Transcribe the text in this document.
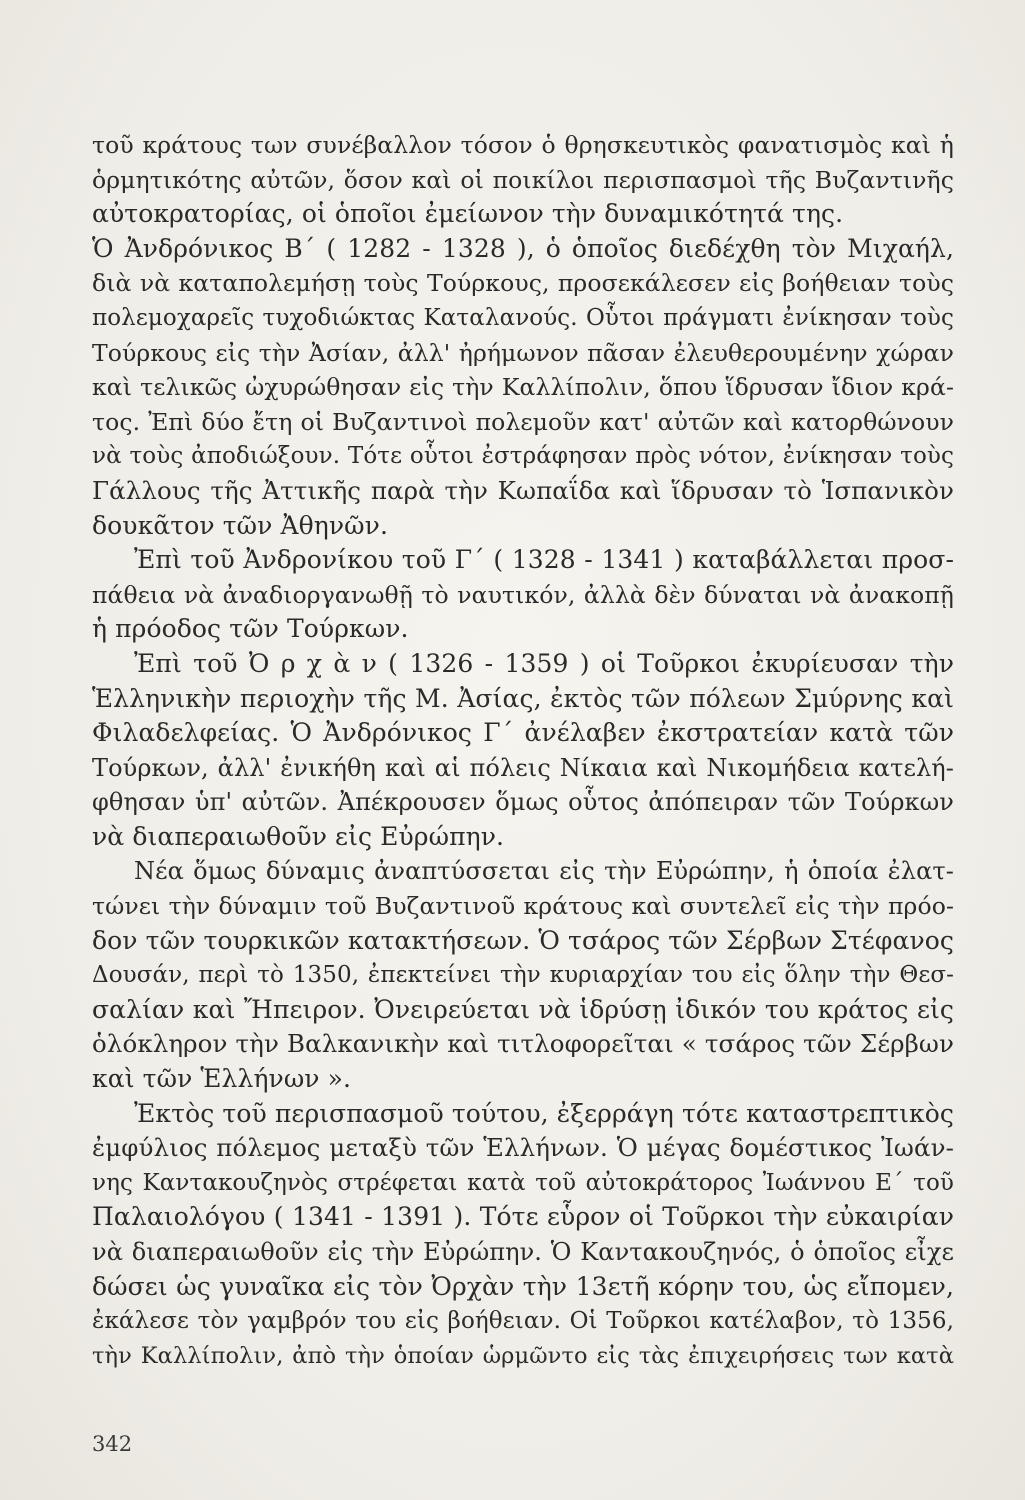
τοῦ κράτους των συνέβαλλον τόσον ὁ θρησκευτικὸς φανατισμὸς καὶ ἡ
ὁρμητικότης αὐτῶν, ὅσον καὶ οἱ ποικίλοι περισπασμοὶ τῆς Βυζαντινῆς
αὐτοκρατορίας, οἱ ὁποῖοι ἐμείωνον τὴν δυναμικότητά της.
Ὁ Ἀνδρόνικος Β΄ ( 1282 - 1328 ), ὁ ὁποῖος διεδέχθη τὸν Μιχαήλ,
διὰ νὰ καταπολεμήσῃ τοὺς Τούρκους, προσεκάλεσεν εἰς βοήθειαν τοὺς
πολεμοχαρεῖς τυχοδιώκτας Καταλανούς. Οὗτοι πράγματι ἐνίκησαν τοὺς
Τούρκους εἰς τὴν Ἀσίαν, ἀλλ' ἠρήμωνον πᾶσαν ἐλευθερουμένην χώραν
καὶ τελικῶς ὠχυρώθησαν εἰς τὴν Καλλίπολιν, ὅπου ἵδρυσαν ἴδιον κρά-
τος. Ἐπὶ δύο ἔτη οἱ Βυζαντινοὶ πολεμοῦν κατ' αὐτῶν καὶ κατορθώνουν
νὰ τοὺς ἀποδιώξουν. Τότε οὗτοι ἐστράφησαν πρὸς νότον, ἐνίκησαν τοὺς
Γάλλους τῆς Ἀττικῆς παρὰ τὴν Κωπαΐδα καὶ ἵδρυσαν τὸ Ἱσπανικὸν
δουκᾶτον τῶν Ἀθηνῶν.
Ἐπὶ τοῦ Ἀνδρονίκου τοῦ Γ΄ ( 1328 - 1341 ) καταβάλλεται προσ-
πάθεια νὰ ἀναδιοργανωθῇ τὸ ναυτικόν, ἀλλὰ δὲν δύναται νὰ ἀνακοπῇ
ἡ πρόοδος τῶν Τούρκων.
Ἐπὶ τοῦ Ὀ ρ χ ὰ ν ( 1326 - 1359 ) οἱ Τοῦρκοι ἐκυρίευσαν τὴν
Ἑλληνικὴν περιοχὴν τῆς Μ. Ἀσίας, ἐκτὸς τῶν πόλεων Σμύρνης καὶ
Φιλαδελφείας. Ὁ Ἀνδρόνικος Γ΄ ἀνέλαβεν ἐκστρατείαν κατὰ τῶν
Τούρκων, ἀλλ' ἐνικήθη καὶ αἱ πόλεις Νίκαια καὶ Νικομήδεια κατελή-
φθησαν ὑπ' αὐτῶν. Ἀπέκρουσεν ὅμως οὗτος ἀπόπειραν τῶν Τούρκων
νὰ διαπεραιωθοῦν εἰς Εὐρώπην.
Νέα ὅμως δύναμις ἀναπτύσσεται εἰς τὴν Εὐρώπην, ἡ ὁποία ἐλατ-
τώνει τὴν δύναμιν τοῦ Βυζαντινοῦ κράτους καὶ συντελεῖ εἰς τὴν πρόο-
δον τῶν τουρκικῶν κατακτήσεων. Ὁ τσάρος τῶν Σέρβων Στέφανος
Δουσάν, περὶ τὸ 1350, ἐπεκτείνει τὴν κυριαρχίαν του εἰς ὅλην τὴν Θεσ-
σαλίαν καὶ Ἤπειρον. Ὀνειρεύεται νὰ ἱδρύσῃ ἰδικόν του κράτος εἰς
ὁλόκληρον τὴν Βαλκανικὴν καὶ τιτλοφορεῖται « τσάρος τῶν Σέρβων
καὶ τῶν Ἑλλήνων ».
Ἐκτὸς τοῦ περισπασμοῦ τούτου, ἐξερράγη τότε καταστρεπτικὸς
ἐμφύλιος πόλεμος μεταξὺ τῶν Ἑλλήνων. Ὁ μέγας δομέστικος Ἰωάν-
νης Καντακουζηνὸς στρέφεται κατὰ τοῦ αὐτοκράτορος Ἰωάννου Ε΄ τοῦ
Παλαιολόγου ( 1341 - 1391 ). Τότε εὗρον οἱ Τοῦρκοι τὴν εὐκαιρίαν
νὰ διαπεραιωθοῦν εἰς τὴν Εὐρώπην. Ὁ Καντακουζηνός, ὁ ὁποῖος εἶχε
δώσει ὡς γυναῖκα εἰς τὸν Ὀρχὰν τὴν 13ετῆ κόρην του, ὡς εἴπομεν,
ἐκάλεσε τὸν γαμβρόν του εἰς βοήθειαν. Οἱ Τοῦρκοι κατέλαβον, τὸ 1356,
τὴν Καλλίπολιν, ἀπὸ τὴν ὁποίαν ὡρμῶντο εἰς τὰς ἐπιχειρήσεις των κατὰ
342
